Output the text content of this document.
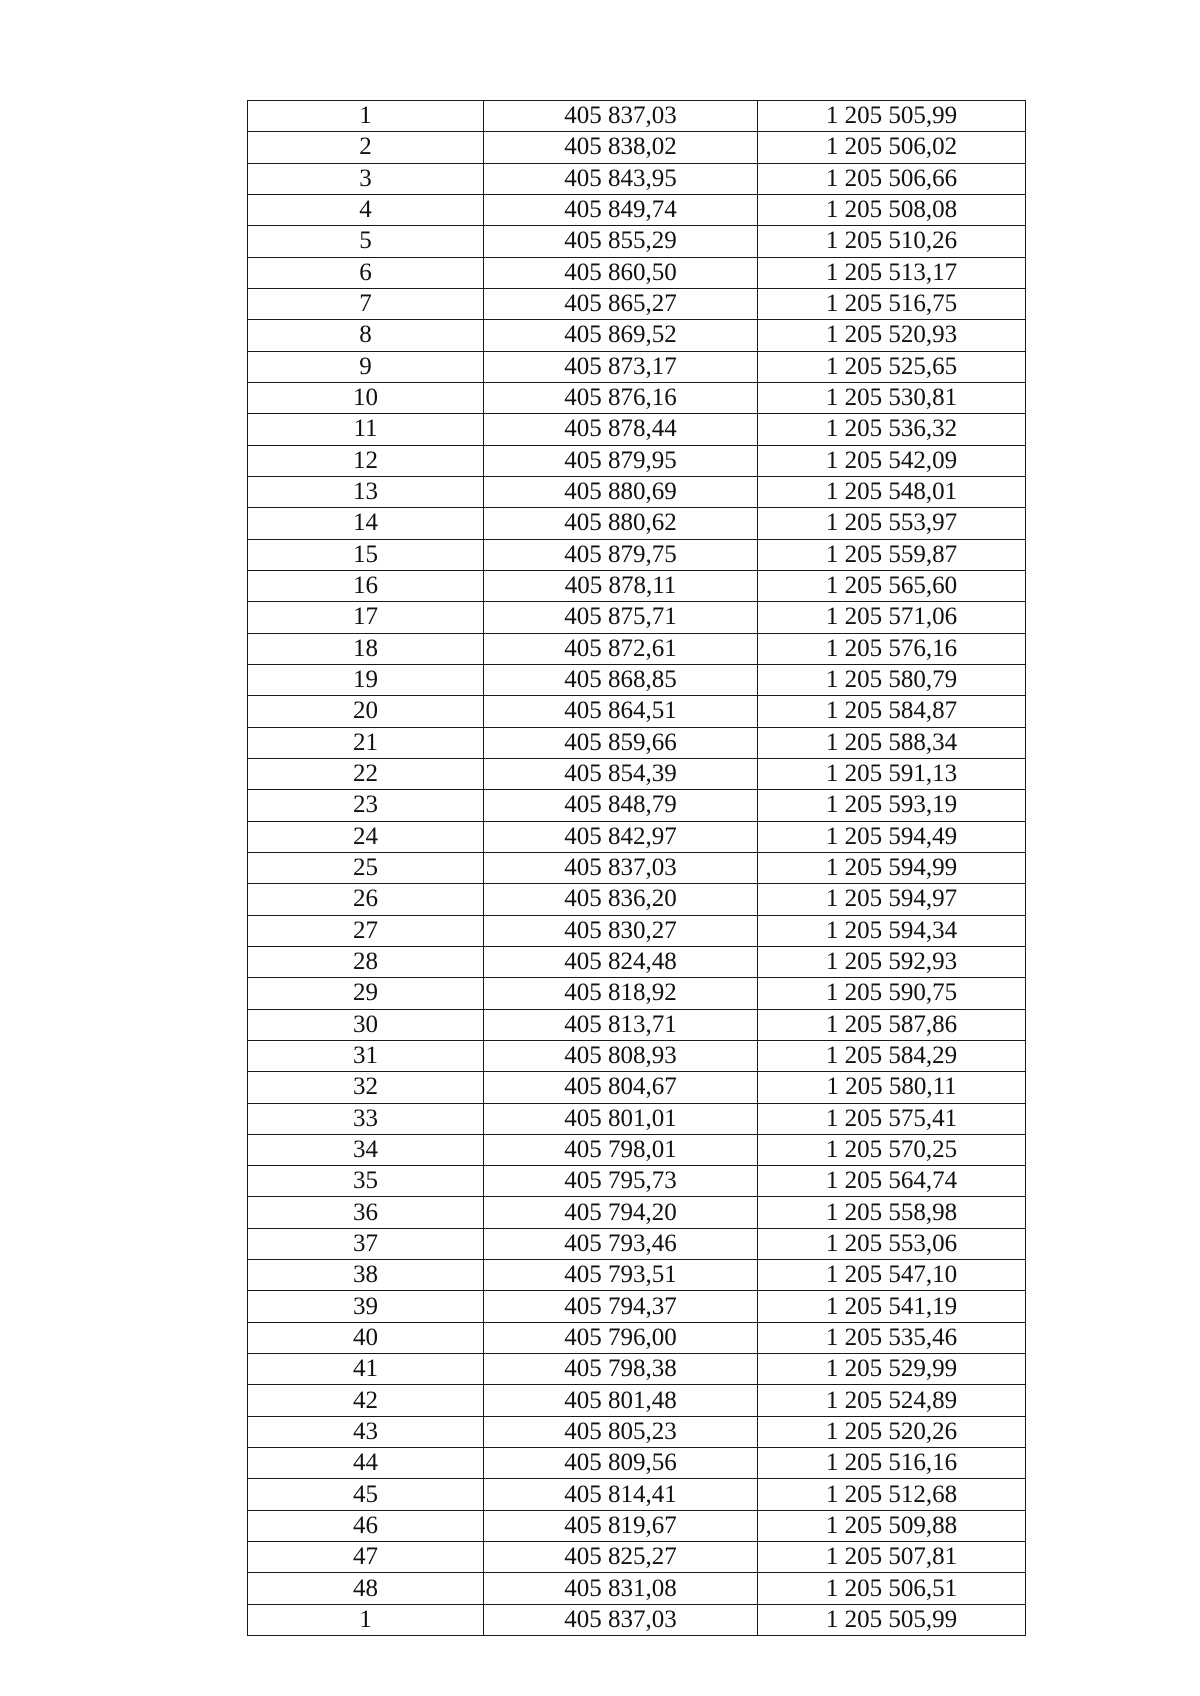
1	405 837,03	1 205 505,99
2	405 838,02	1 205 506,02
3	405 843,95	1 205 506,66
4	405 849,74	1 205 508,08
5	405 855,29	1 205 510,26
6	405 860,50	1 205 513,17
7	405 865,27	1 205 516,75
8	405 869,52	1 205 520,93
9	405 873,17	1 205 525,65
10	405 876,16	1 205 530,81
11	405 878,44	1 205 536,32
12	405 879,95	1 205 542,09
13	405 880,69	1 205 548,01
14	405 880,62	1 205 553,97
15	405 879,75	1 205 559,87
16	405 878,11	1 205 565,60
17	405 875,71	1 205 571,06
18	405 872,61	1 205 576,16
19	405 868,85	1 205 580,79
20	405 864,51	1 205 584,87
21	405 859,66	1 205 588,34
22	405 854,39	1 205 591,13
23	405 848,79	1 205 593,19
24	405 842,97	1 205 594,49
25	405 837,03	1 205 594,99
26	405 836,20	1 205 594,97
27	405 830,27	1 205 594,34
28	405 824,48	1 205 592,93
29	405 818,92	1 205 590,75
30	405 813,71	1 205 587,86
31	405 808,93	1 205 584,29
32	405 804,67	1 205 580,11
33	405 801,01	1 205 575,41
34	405 798,01	1 205 570,25
35	405 795,73	1 205 564,74
36	405 794,20	1 205 558,98
37	405 793,46	1 205 553,06
38	405 793,51	1 205 547,10
39	405 794,37	1 205 541,19
40	405 796,00	1 205 535,46
41	405 798,38	1 205 529,99
42	405 801,48	1 205 524,89
43	405 805,23	1 205 520,26
44	405 809,56	1 205 516,16
45	405 814,41	1 205 512,68
46	405 819,67	1 205 509,88
47	405 825,27	1 205 507,81
48	405 831,08	1 205 506,51
1	405 837,03	1 205 505,99
